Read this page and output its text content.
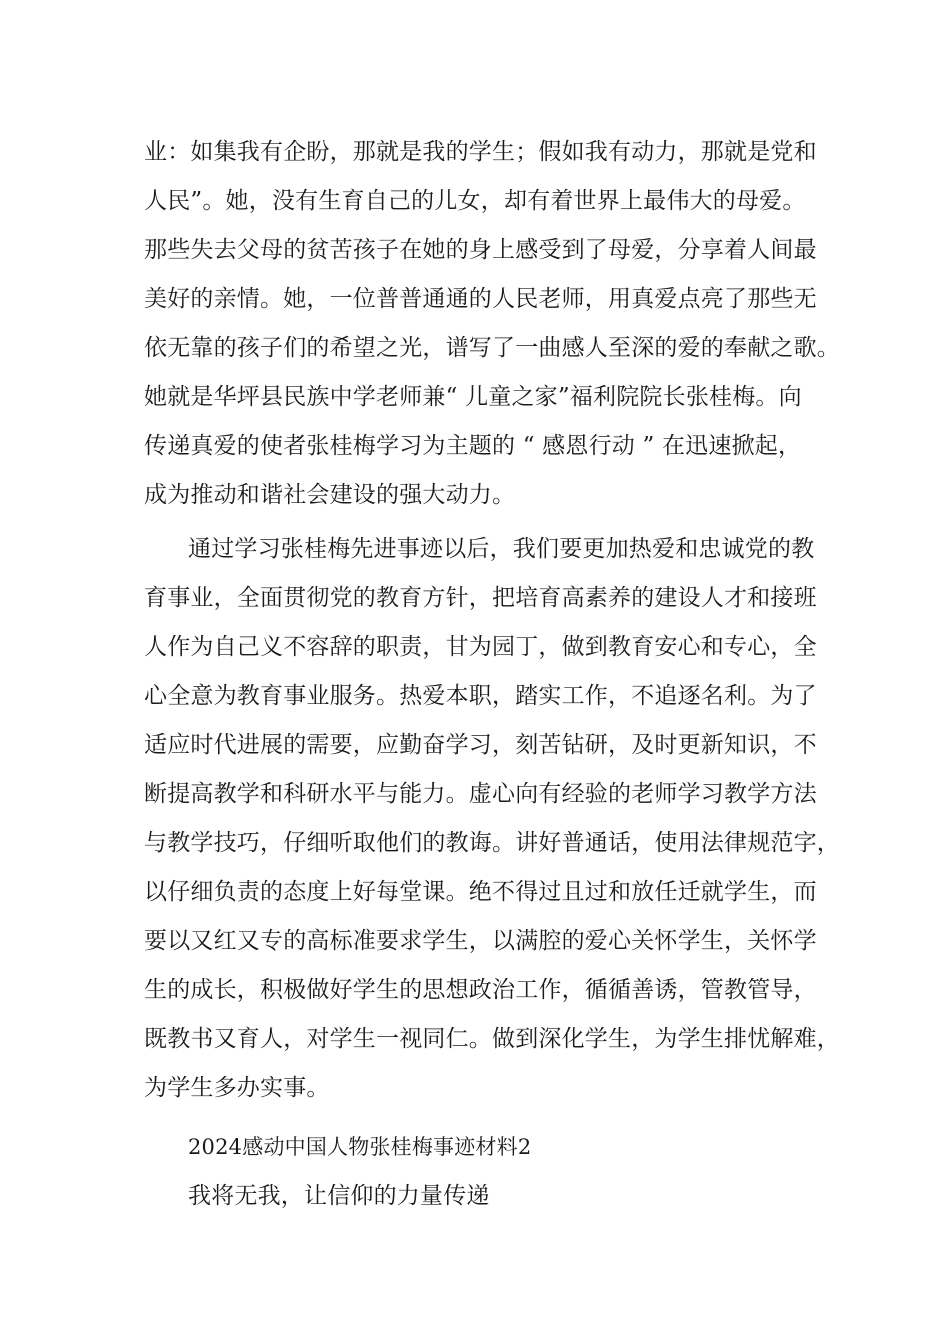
业：如集我有企盼，那就是我的学生；假如我有动力，那就是党和
人民”。她，没有生育自己的儿女，却有着世界上最伟大的母爱。
那些失去父母的贫苦孩子在她的身上感受到了母爱，分享着人间最
美好的亲情。她，一位普普通通的人民老师，用真爱点亮了那些无
依无靠的孩子们的希望之光，谱写了一曲感人至深的爱的奉献之歌。
她就是华坪县民族中学老师兼“ 儿童之家”福利院院长张桂梅。向
传递真爱的使者张桂梅学习为主题的 “ 感恩行动 ” 在迅速掀起，
成为推动和谐社会建设的强大动力。
通过学习张桂梅先进事迹以后，我们要更加热爱和忠诚党的教
育事业，全面贯彻党的教育方针，把培育高素养的建设人才和接班
人作为自己义不容辞的职责，甘为园丁，做到教育安心和专心，全
心全意为教育事业服务。热爱本职，踏实工作，不追逐名利。为了
适应时代进展的需要，应勤奋学习，刻苦钻研，及时更新知识，不
断提高教学和科研水平与能力。虚心向有经验的老师学习教学方法
与教学技巧，仔细听取他们的教诲。讲好普通话，使用法律规范字，
以仔细负责的态度上好每堂课。绝不得过且过和放任迁就学生，而
要以又红又专的高标准要求学生，以满腔的爱心关怀学生，关怀学
生的成长，积极做好学生的思想政治工作，循循善诱，管教管导，
既教书又育人，对学生一视同仁。做到深化学生，为学生排忧解难，
为学生多办实事。
2024感动中国人物张桂梅事迹材料2
我将无我，让信仰的力量传递
